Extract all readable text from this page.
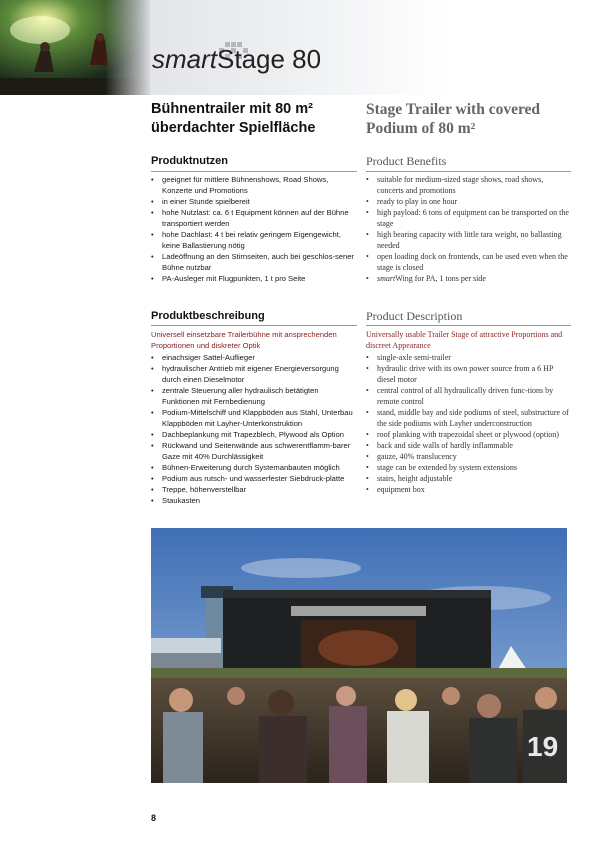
smartStage 80
Bühnentrailer mit 80 m²
überdachter Spielfläche
Produktnutzen
• geeignet für mittlere Bühnenshows, Road Shows, Konzerte und Promotions
• in einer Stunde spielbereit
• hohe Nutzlast: ca. 6 t Equipment können auf der Bühne transportiert werden
• hohe Dachlast: 4 t bei relativ geringem Eigengewicht, keine Ballastierung nötig
• Ladeöffnung an den Stirnseiten, auch bei geschlos-sener Bühne nutzbar
• PA-Ausleger mit Flugpunkten, 1 t pro Seite
Produktbeschreibung

Universell einsetzbare Trailerbühne mit ansprechenden Proportionen und diskreter Optik

• einachsiger Sattel-Auflieger
• hydraulischer Antrieb mit eigener Energieversorgung durch einen Dieselmotor
• zentrale Steuerung aller hydraulisch betätigten Funktionen mit Fernbedienung
• Podium-Mittelschiff und Klappböden aus Stahl, Unterbau Klappböden mit Layher-Unterkonstruktion
• Dachbeplankung mit Trapezblech, Plywood als Option
• Rückwand und Seitenwände aus schwerentflamm-barer Gaze mit 40% Durchlässigkeit
• Bühnen-Erweiterung durch Systemanbauten möglich
• Podium aus rutsch- und wasserfester Siebdruck-platte
• Treppe, höhenverstellbar
• Staukasten
Stage Trailer with covered
Podium of 80 m²
Product Benefits
• suitable for medium-sized stage shows, road shows, concerts and promotions
• ready to play in one hour
• high payload: 6 tons of equipment can be transported on the stage
• high bearing capacity with little tara weight, no ballasting needed
• open loading dock on frontends, can be used even when the stage is closed
• smartWing for PA, 1 tons per side
Product Description

Universally usable Trailer Stage of attractive Proportions and discreet Appearance

• single-axle semi-trailer
• hydraulic drive with its own power source from a 6 HP diesel motor
• central control of all hydraulically driven func-tions by remote control
• stand, middle bay and side podiums of steel, substructure of the side podiums with Layher underconstruction
• roof planking with trapezoidal sheet or plywood (option)
• back and side walls of hardly inflammable
• gauze, 40% translucency
• stage can be extended by system extensions
• stairs, height adjustable
• equipment box
19
8
